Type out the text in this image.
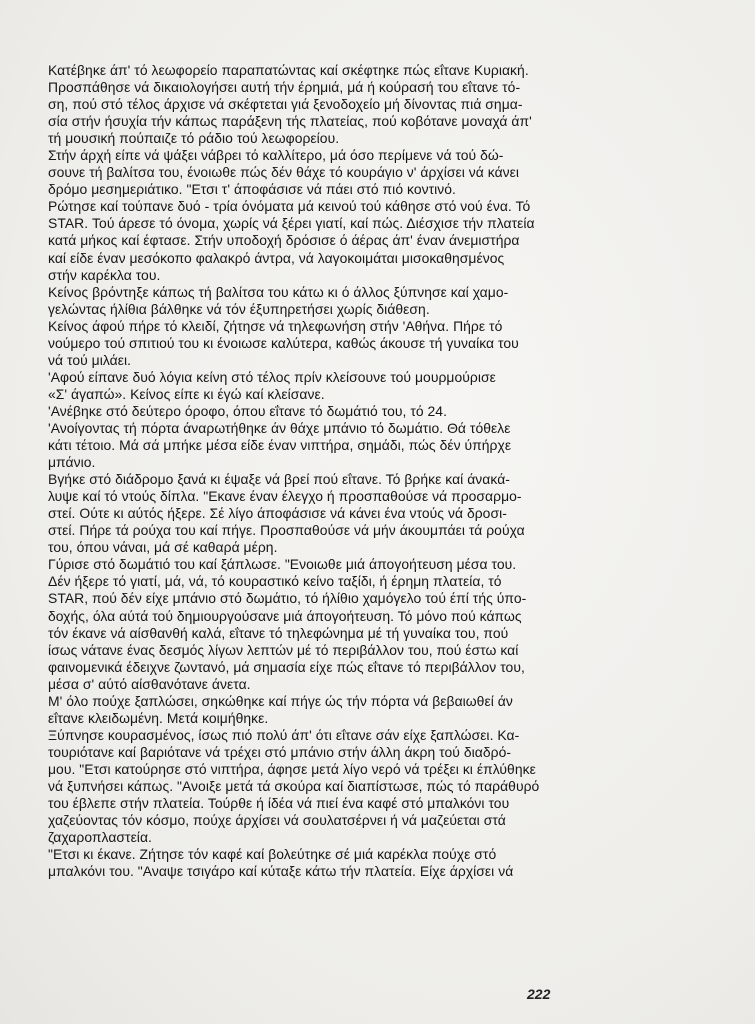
Κατέβηκε άπ' τό λεωφορείο παραπατώντας καί σκέφτηκε πώς εΐτανε Κυριακή.
Προσπάθησε νά δικαιολογήσει αυτή τήν έρημιά, μά ή κούρασή του εΐτανε τό-
ση, πού στό τέλος άρχισε νά σκέφτεται γιά ξενοδοχείο μή δίνοντας πιά σημα-
σία στήν ήσυχία τήν κάπως παράξενη τής πλατείας, πού κοβότανε μοναχά άπ'
τή μουσική πούπαιζε τό ράδιο τού λεωφορείου.
Στήν άρχή είπε νά ψάξει νάβρει τό καλλίτερο, μά όσο περίμενε νά τού δώ-
σουνε τή βαλίτσα του, ένοιωθε πώς δέν θάχε τό κουράγιο ν' άρχίσει νά κάνει
δρόμο μεσημεριάτικο. "Ετσι τ' άποφάσισε νά πάει στό πιό κοντινό.
Ρώτησε καί τούπανε δυό - τρία όνόματα μά κεινού τού κάθησε στό νού ένα. Τό
STAR. Τού άρεσε τό όνομα, χωρίς νά ξέρει γιατί, καί πώς. Διέσχισε τήν πλατεία
κατά μήκος καί έφτασε. Στήν υποδοχή δρόσισε ό άέρας άπ' έναν άνεμιστήρα
καί είδε έναν μεσόκοπο φαλακρό άντρα, νά λαγοκοιμάται μισοκαθησμένος
στήν καρέκλα του.
Κείνος βρόντηξε κάπως τή βαλίτσα του κάτω κι ό άλλος ξύπνησε καί χαμο-
γελώντας ήλίθια βάλθηκε νά τόν έξυπηρετήσει χωρίς διάθεση.
Κείνος άφού πήρε τό κλειδί, ζήτησε νά τηλεφωνήση στήν 'Αθήνα. Πήρε τό
νούμερο τού σπιτιού του κι ένοιωσε καλύτερα, καθώς άκουσε τή γυναίκα του
νά τού μιλάει.
'Αφού είπανε δυό λόγια κείνη στό τέλος πρίν κλείσουνε τού μουρμούρισε
«Σ' άγαπώ». Κείνος είπε κι έγώ καί κλείσανε.
'Ανέβηκε στό δεύτερο όροφο, όπου εΐτανε τό δωμάτιό του, τό 24.
'Ανοίγοντας τή πόρτα άναρωτήθηκε άν θάχε μπάνιο τό δωμάτιο. Θά τόθελε
κάτι τέτοιο. Μά σά μπήκε μέσα είδε έναν νιπτήρα, σημάδι, πώς δέν ύπήρχε
μπάνιο.
Βγήκε στό διάδρομο ξανά κι έψαξε νά βρεί πού εΐτανε. Τό βρήκε καί άνακά-
λυψε καί τό ντούς δίπλα. "Εκανε έναν έλεγχο ή προσπαθούσε νά προσαρμο-
στεί. Ούτε κι αύτός ήξερε. Σέ λίγο άποφάσισε νά κάνει ένα ντούς νά δροσι-
στεί. Πήρε τά ρούχα του καί πήγε. Προσπαθούσε νά μήν άκουμπάει τά ρούχα
του, όπου νάναι, μά σέ καθαρά μέρη.
Γύρισε στό δωμάτιό του καί ξάπλωσε. "Ενοιωθε μιά άπογοήτευση μέσα του.
Δέν ήξερε τό γιατί, μά, νά, τό κουραστικό κείνο ταξίδι, ή έρημη πλατεία, τό
STAR, πού δέν είχε μπάνιο στό δωμάτιο, τό ήλίθιο χαμόγελο τού έπί τής ύπο-
δοχής, όλα αύτά τού δημιουργούσανε μιά άπογοήτευση. Τό μόνο πού κάπως
τόν έκανε νά αίσθανθή καλά, εΐτανε τό τηλεφώνημα μέ τή γυναίκα του, πού
ίσως νάτανε ένας δεσμός λίγων λεπτών μέ τό περιβάλλον του, πού έστω καί
φαινομενικά έδειχνε ζωντανό, μά σημασία είχε πώς εΐτανε τό περιβάλλον του,
μέσα σ' αύτό αίσθανότανε άνετα.
Μ' όλο πούχε ξαπλώσει, σηκώθηκε καί πήγε ώς τήν πόρτα νά βεβαιωθεί άν
εΐτανε κλειδωμένη. Μετά κοιμήθηκε.
Ξύπνησε κουρασμένος, ίσως πιό πολύ άπ' ότι εΐτανε σάν είχε ξαπλώσει. Κα-
τουριότανε καί βαριότανε νά τρέχει στό μπάνιο στήν άλλη άκρη τού διαδρό-
μου. "Ετσι κατούρησε στό νιπτήρα, άφησε μετά λίγο νερό νά τρέξει κι έπλύθηκε
νά ξυπνήσει κάπως. "Ανοιξε μετά τά σκούρα καί διαπίστωσε, πώς τό παράθυρό
του έβλεπε στήν πλατεία. Τούρθε ή ίδέα νά πιεί ένα καφέ στό μπαλκόνι του
χαζεύοντας τόν κόσμο, πούχε άρχίσει νά σουλατσέρνει ή νά μαζεύεται στά
ζαχαροπλαστεία.
"Ετσι κι έκανε. Ζήτησε τόν καφέ καί βολεύτηκε σέ μιά καρέκλα πούχε στό
μπαλκόνι του. "Αναψε τσιγάρο καί κύταξε κάτω τήν πλατεία. Είχε άρχίσει νά
222
